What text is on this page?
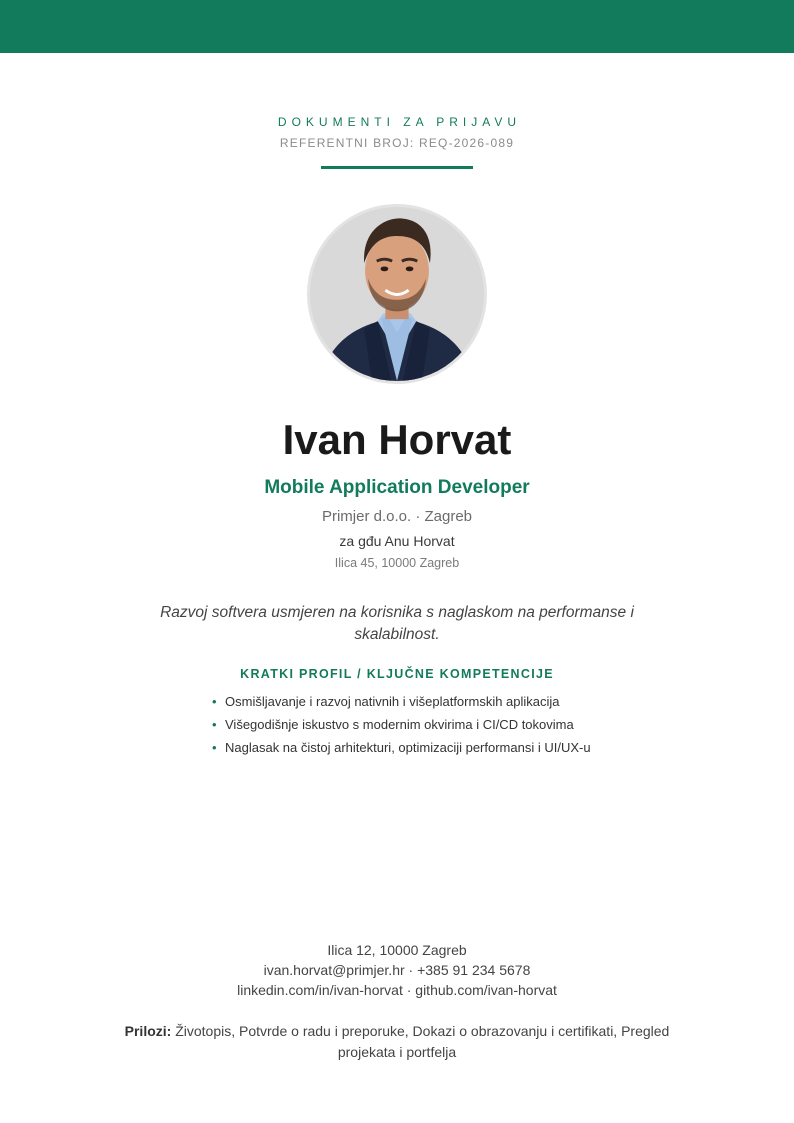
DOKUMENTI ZA PRIJAVU
REFERENTNI BROJ: REQ-2026-089
Ivan Horvat
Mobile Application Developer
Primjer d.o.o. · Zagreb
za gđu Anu Horvat
Ilica 45, 10000 Zagreb
Razvoj softvera usmjeren na korisnika s naglaskom na performanse i skalabilnost.
KRATKI PROFIL / KLJUČNE KOMPETENCIJE
• Osmišljavanje i razvoj nativnih i višeplatformskih aplikacija
• Višegodišnje iskustvo s modernim okvirima i CI/CD tokovima
• Naglasak na čistoj arhitekturi, optimizaciji performansi i UI/UX-u
Ilica 12, 10000 Zagreb
ivan.horvat@primjer.hr · +385 91 234 5678
linkedin.com/in/ivan-horvat · github.com/ivan-horvat
Prilozi: Životopis, Potvrde o radu i preporuke, Dokazi o obrazovanju i certifikati, Pregled projekata i portfelja
